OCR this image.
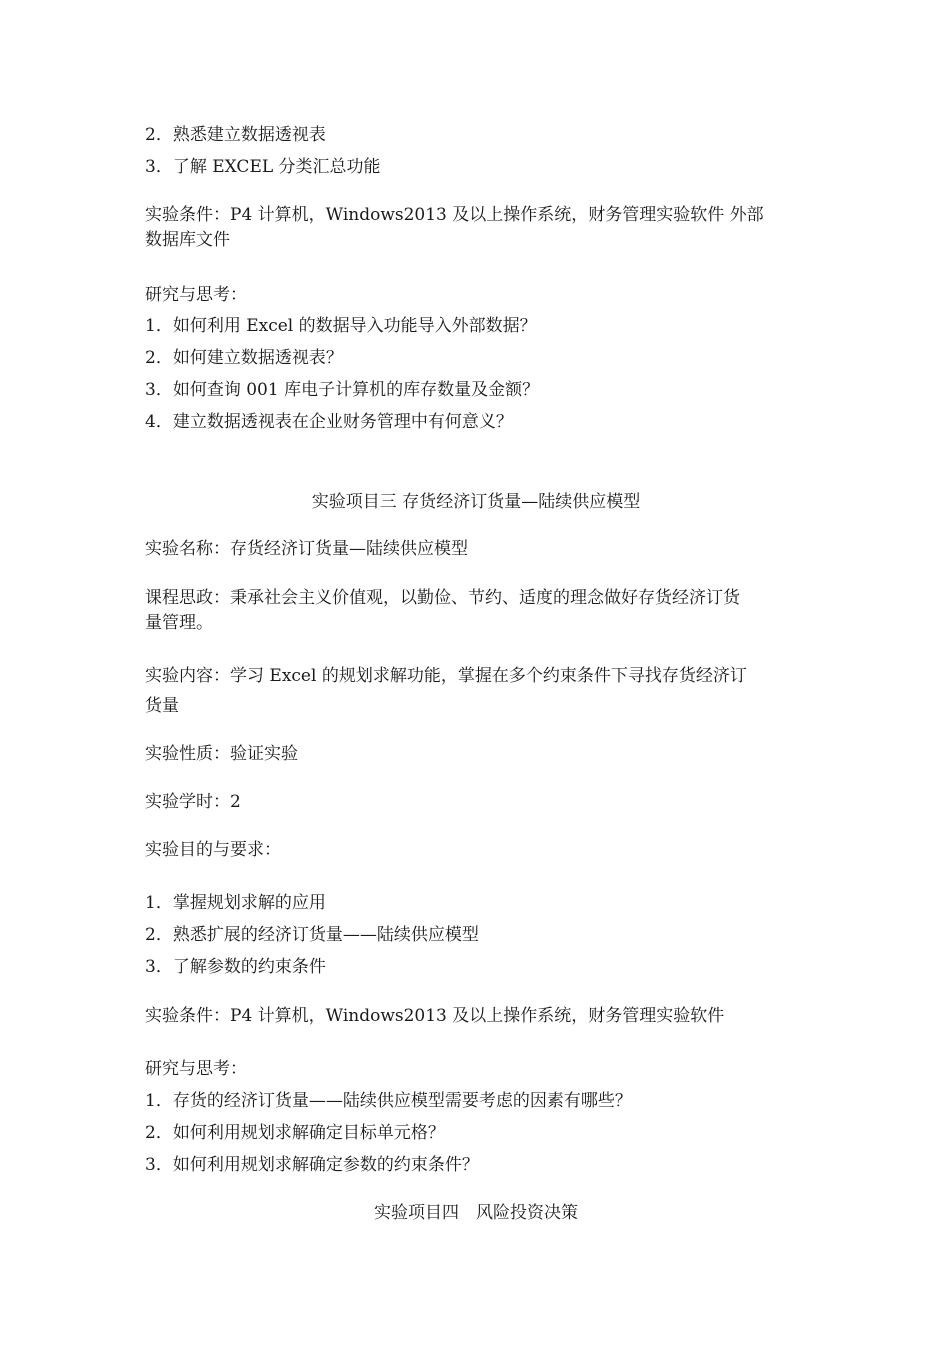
2．熟悉建立数据透视表
3．了解 EXCEL 分类汇总功能
实验条件：P4 计算机，Windows2013 及以上操作系统，财务管理实验软件 外部
数据库文件
研究与思考：
1．如何利用 Excel 的数据导入功能导入外部数据？
2．如何建立数据透视表？
3．如何查询 001 库电子计算机的库存数量及金额？
4．建立数据透视表在企业财务管理中有何意义？
实验项目三 存货经济订货量—陆续供应模型
实验名称：存货经济订货量—陆续供应模型
课程思政：秉承社会主义价值观，以勤俭、节约、适度的理念做好存货经济订货
量管理。
实验内容：学习 Excel 的规划求解功能，掌握在多个约束条件下寻找存货经济订
货量
实验性质：验证实验
实验学时：2
实验目的与要求：
1．掌握规划求解的应用
2．熟悉扩展的经济订货量——陆续供应模型
3．了解参数的约束条件
实验条件：P4 计算机，Windows2013 及以上操作系统，财务管理实验软件
研究与思考：
1．存货的经济订货量——陆续供应模型需要考虑的因素有哪些？
2．如何利用规划求解确定目标单元格？
3．如何利用规划求解确定参数的约束条件？
实验项目四　风险投资决策
